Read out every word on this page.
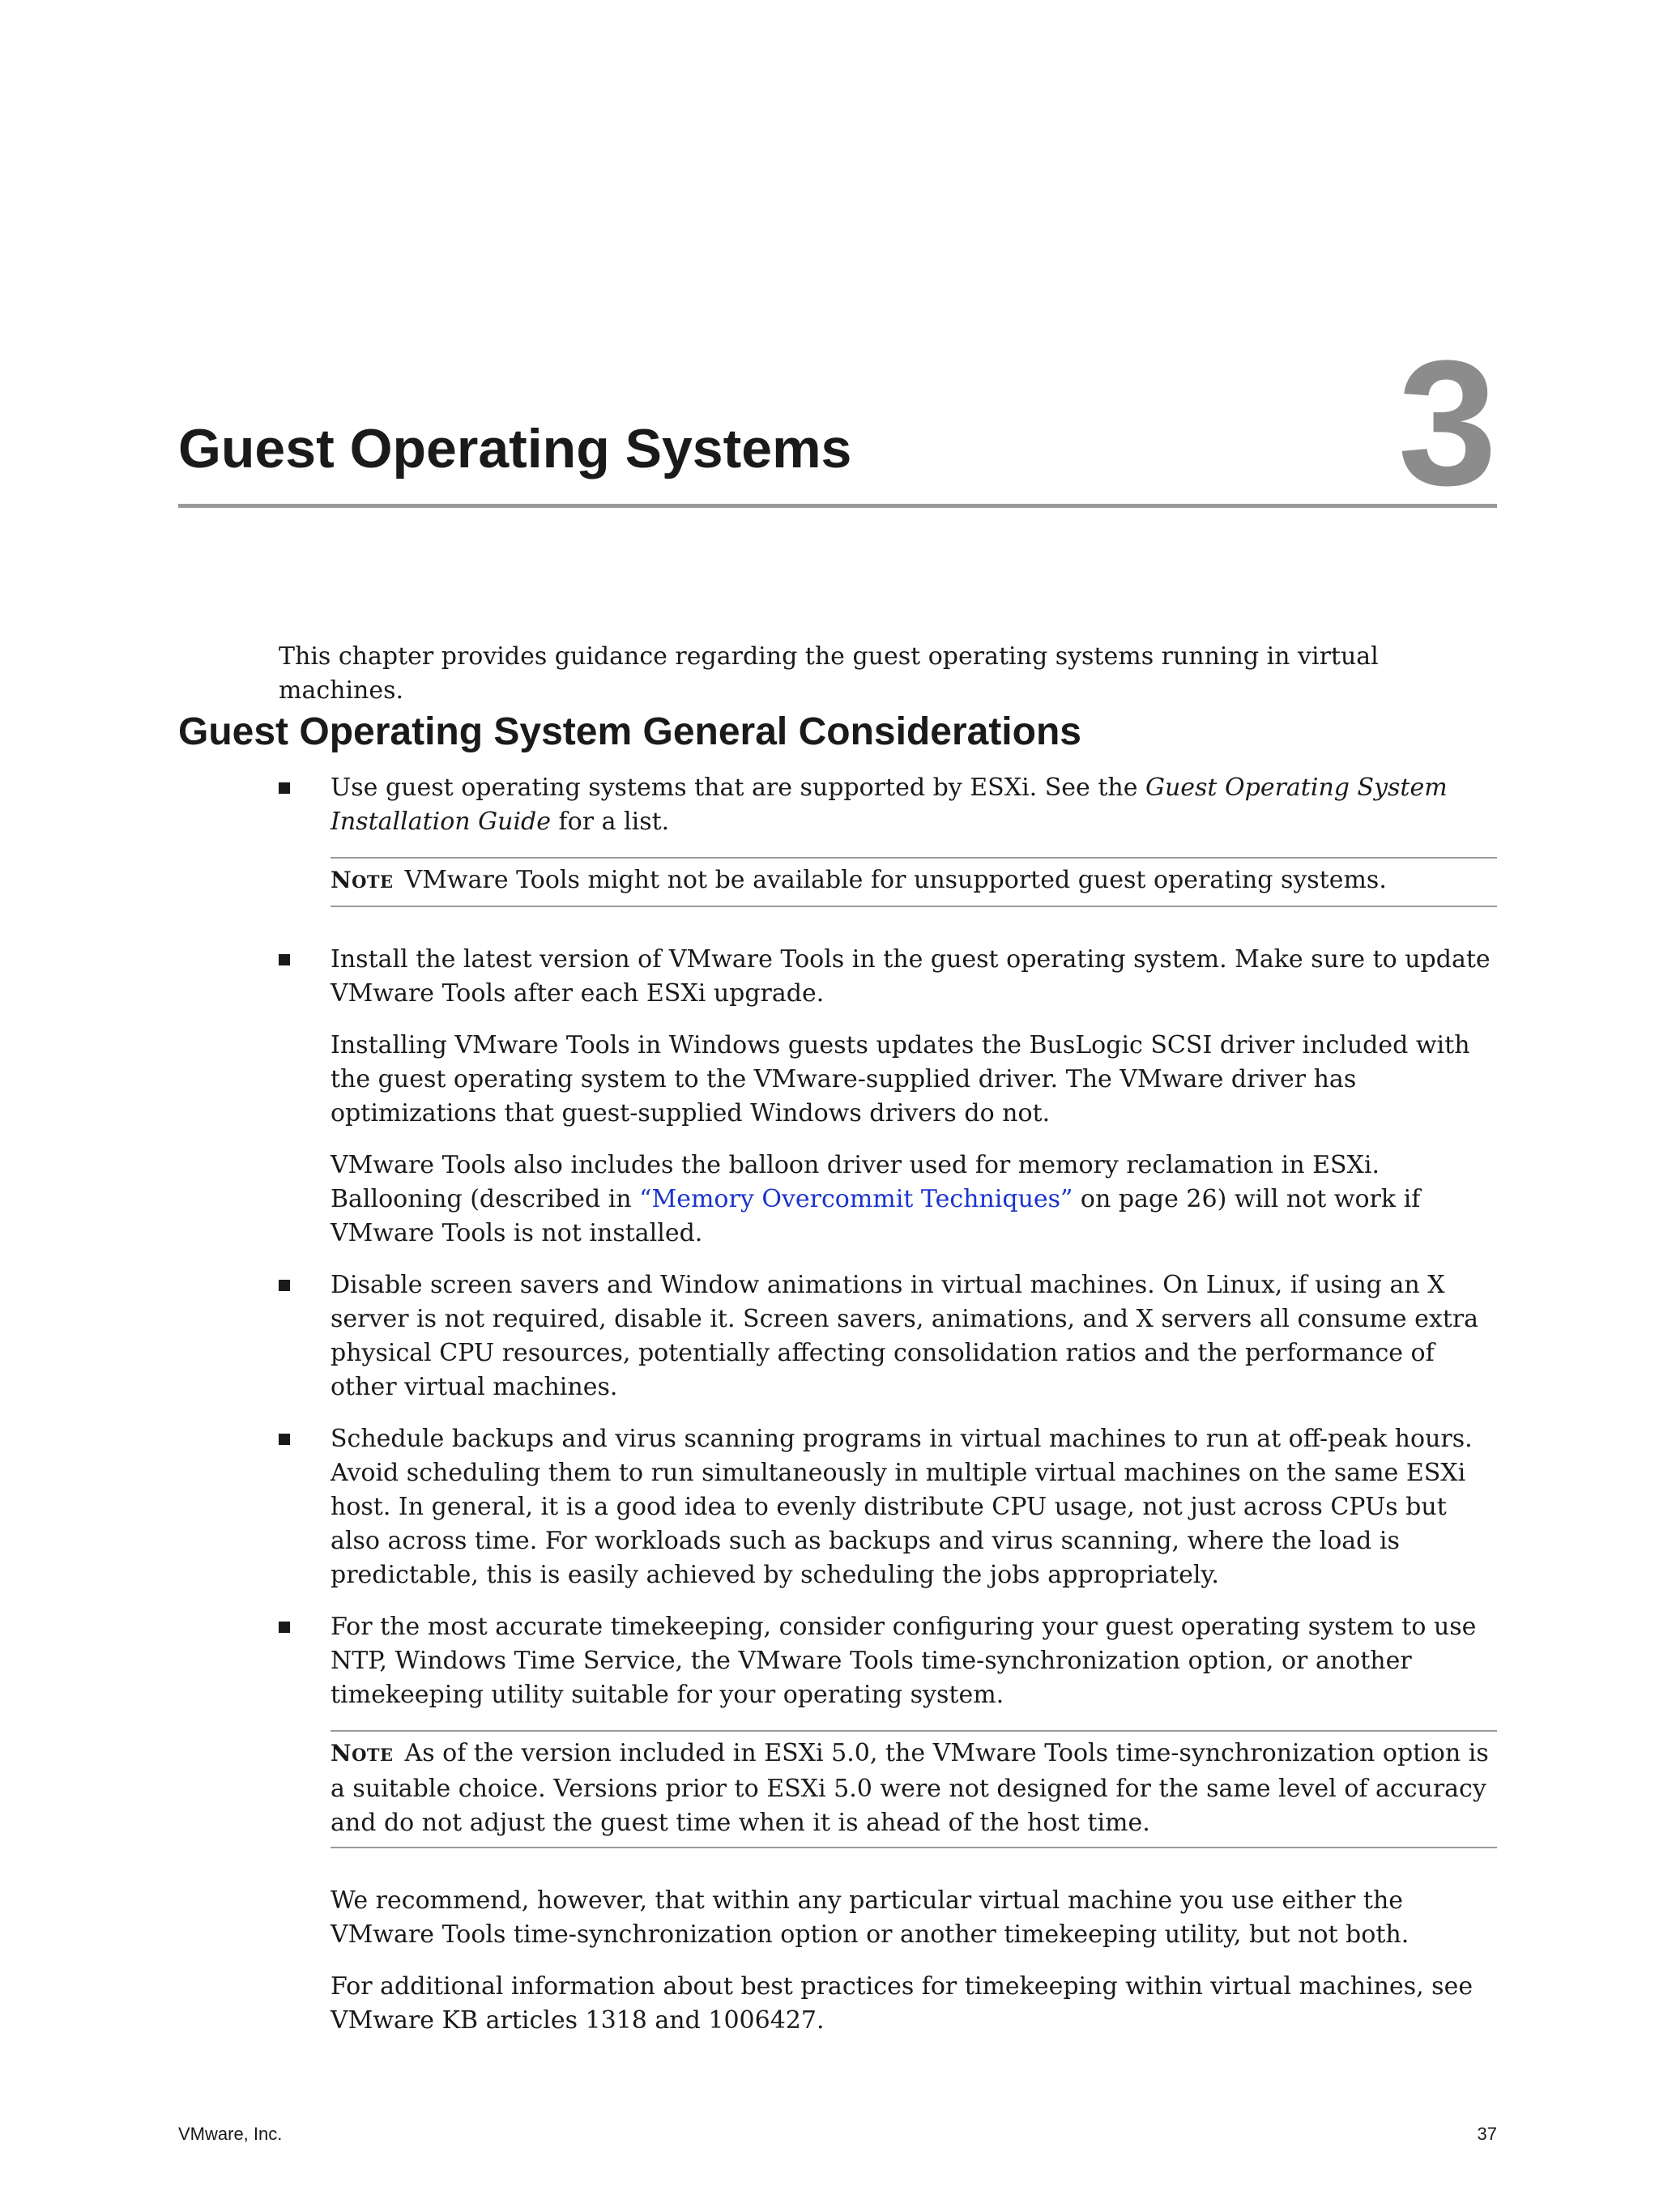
Guest Operating Systems	3

This chapter provides guidance regarding the guest operating systems running in virtual machines.

Guest Operating System General Considerations

Use guest operating systems that are supported by ESXi. See the Guest Operating System Installation Guide for a list.

NOTE VMware Tools might not be available for unsupported guest operating systems.

Install the latest version of VMware Tools in the guest operating system. Make sure to update VMware Tools after each ESXi upgrade.

Installing VMware Tools in Windows guests updates the BusLogic SCSI driver included with the guest operating system to the VMware-supplied driver. The VMware driver has optimizations that guest-supplied Windows drivers do not.

VMware Tools also includes the balloon driver used for memory reclamation in ESXi. Ballooning (described in “Memory Overcommit Techniques” on page 26) will not work if VMware Tools is not installed.

Disable screen savers and Window animations in virtual machines. On Linux, if using an X server is not required, disable it. Screen savers, animations, and X servers all consume extra physical CPU resources, potentially affecting consolidation ratios and the performance of other virtual machines.

Schedule backups and virus scanning programs in virtual machines to run at off-peak hours. Avoid scheduling them to run simultaneously in multiple virtual machines on the same ESXi host. In general, it is a good idea to evenly distribute CPU usage, not just across CPUs but also across time. For workloads such as backups and virus scanning, where the load is predictable, this is easily achieved by scheduling the jobs appropriately.

For the most accurate timekeeping, consider configuring your guest operating system to use NTP, Windows Time Service, the VMware Tools time-synchronization option, or another timekeeping utility suitable for your operating system.

NOTE As of the version included in ESXi 5.0, the VMware Tools time-synchronization option is a suitable choice. Versions prior to ESXi 5.0 were not designed for the same level of accuracy and do not adjust the guest time when it is ahead of the host time.

We recommend, however, that within any particular virtual machine you use either the VMware Tools time-synchronization option or another timekeeping utility, but not both.

For additional information about best practices for timekeeping within virtual machines, see VMware KB articles 1318 and 1006427.

VMware, Inc.	37
